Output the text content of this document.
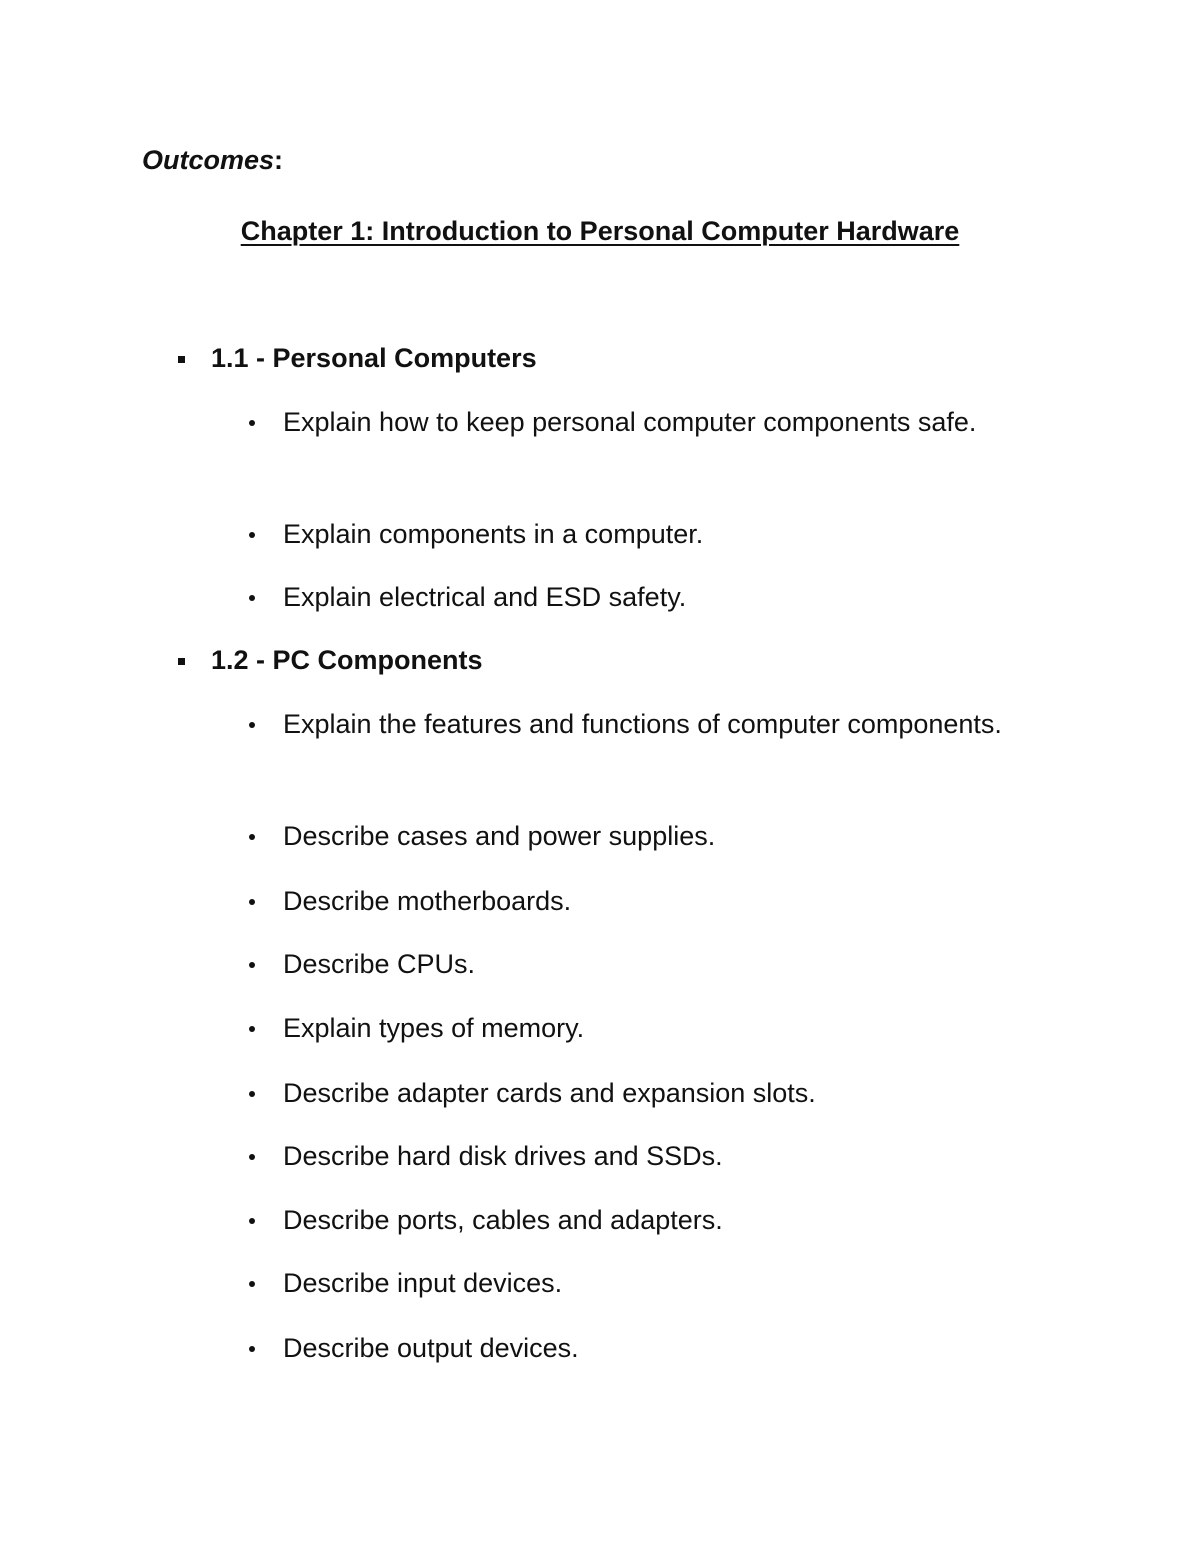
Outcomes:
Chapter 1: Introduction to Personal Computer Hardware
1.1 - Personal Computers
Explain how to keep personal computer components safe.
Explain components in a computer.
Explain electrical and ESD safety.
1.2 - PC Components
Explain the features and functions of computer components.
Describe cases and power supplies.
Describe motherboards.
Describe CPUs.
Explain types of memory.
Describe adapter cards and expansion slots.
Describe hard disk drives and SSDs.
Describe ports, cables and adapters.
Describe input devices.
Describe output devices.
